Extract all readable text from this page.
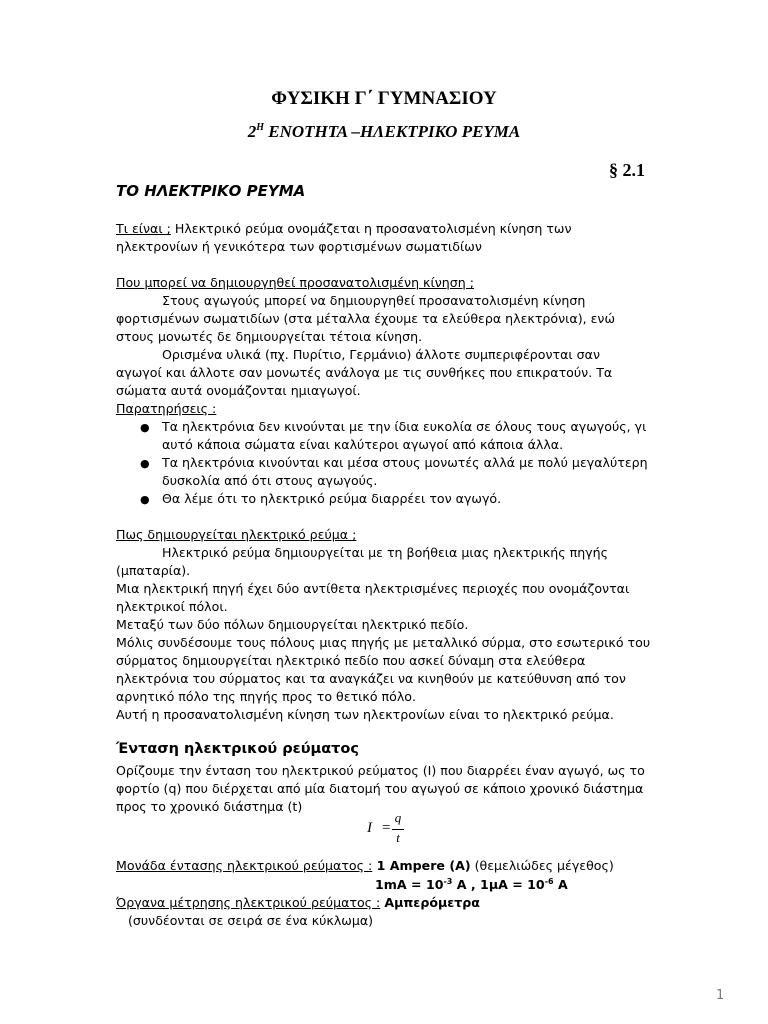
ΦΥΣΙΚΗ Γ΄ ΓΥΜΝΑΣΙΟΥ
$2^H$ ΕΝΟΤΗΤΑ –ΗΛΕΚΤΡΙΚΟ ΡΕΥΜΑ
§ 2.1
ΤΟ ΗΛΕΚΤΡΙΚΟ ΡΕΥΜΑ
Τι είναι ; Ηλεκτρικό ρεύμα ονομάζεται η προσανατολισμένη κίνηση των
ηλεκτρονίων ή γενικότερα των φορτισμένων σωματιδίων
Που μπορεί να δημιουργηθεί προσανατολισμένη κίνηση ;
Στους αγωγούς μπορεί να δημιουργηθεί προσανατολισμένη κίνηση
φορτισμένων σωματιδίων (στα μέταλλα έχουμε τα ελεύθερα ηλεκτρόνια), ενώ
στους μονωτές δε δημιουργείται τέτοια κίνηση.
Ορισμένα υλικά (πχ. Πυρίτιο, Γερμάνιο) άλλοτε συμπεριφέρονται σαν
αγωγοί και άλλοτε σαν μονωτές ανάλογα με τις συνθήκες που επικρατούν. Τα
σώματα αυτά ονομάζονται ημιαγωγοί.
Παρατηρήσεις :
● Τα ηλεκτρόνια δεν κινούνται με την ίδια ευκολία σε όλους τους αγωγούς, γι
αυτό κάποια σώματα είναι καλύτεροι αγωγοί από κάποια άλλα.
● Τα ηλεκτρόνια κινούνται και μέσα στους μονωτές αλλά με πολύ μεγαλύτερη
δυσκολία από ότι στους αγωγούς.
● Θα λέμε ότι το ηλεκτρικό ρεύμα διαρρέει τον αγωγό.
Πως δημιουργείται ηλεκτρικό ρεύμα ;
Ηλεκτρικό ρεύμα δημιουργείται με τη βοήθεια μιας ηλεκτρικής πηγής
(μπαταρία).
Μια ηλεκτρική πηγή έχει δύο αντίθετα ηλεκτρισμένες περιοχές που ονομάζονται
ηλεκτρικοί πόλοι.
Μεταξύ των δύο πόλων δημιουργείται ηλεκτρικό πεδίο.
Μόλις συνδέσουμε τους πόλους μιας πηγής με μεταλλικό σύρμα, στο εσωτερικό του
σύρματος δημιουργείται ηλεκτρικό πεδίο που ασκεί δύναμη στα ελεύθερα
ηλεκτρόνια του σύρματος και τα αναγκάζει να κινηθούν με κατεύθυνση από τον
αρνητικό πόλο της πηγής προς το θετικό πόλο.
Αυτή η προσανατολισμένη κίνηση των ηλεκτρονίων είναι το ηλεκτρικό ρεύμα.
Ένταση ηλεκτρικού ρεύματος
Ορίζουμε την ένταση του ηλεκτρικού ρεύματος (Ι) που διαρρέει έναν αγωγό, ως το
φορτίο (q) που διέρχεται από μία διατομή του αγωγού σε κάποιο χρονικό διάστημα
προς το χρονικό διάστημα (t)
I =
q
t
Μονάδα έντασης ηλεκτρικού ρεύματος : 1 Ampere (A) (θεμελιώδες μέγεθος)
$1mA = 10^{-3}$ A , $1\mu A = 10^{-6}$ A
Όργανα μέτρησης ηλεκτρικού ρεύματος : Αμπερόμετρα
(συνδέονται σε σειρά σε ένα κύκλωμα)
1
